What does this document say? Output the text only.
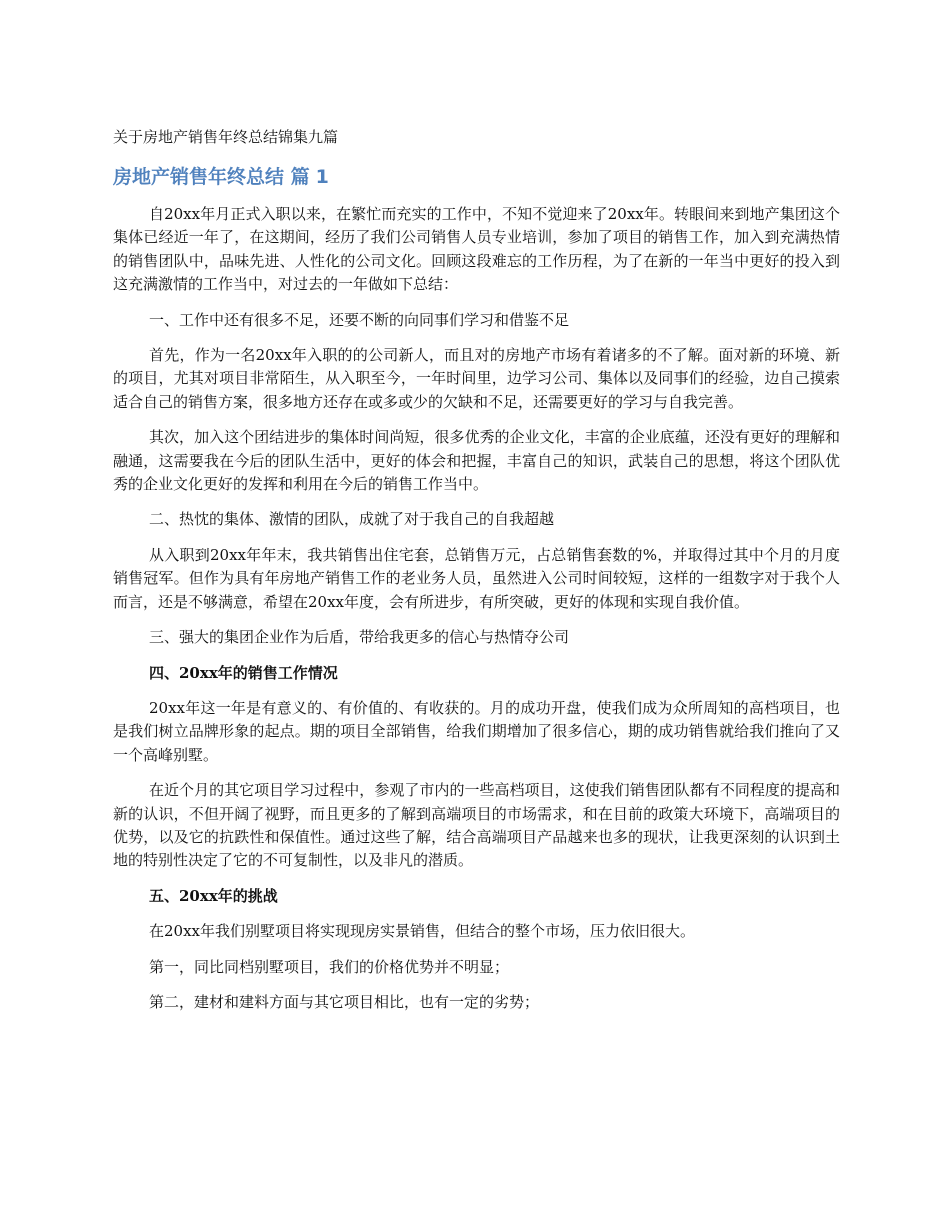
关于房地产销售年终总结锦集九篇
房地产销售年终总结 篇 1

自20xx年月正式入职以来，在繁忙而充实的工作中，不知不觉迎来了20xx年。转眼间来到地产集团这个集体已经近一年了，在这期间，经历了我们公司销售人员专业培训，参加了项目的销售工作，加入到充满热情的销售团队中，品味先进、人性化的公司文化。回顾这段难忘的工作历程，为了在新的一年当中更好的投入到这充满激情的工作当中，对过去的一年做如下总结：

一、工作中还有很多不足，还要不断的向同事们学习和借鉴不足

首先，作为一名20xx年入职的的公司新人，而且对的房地产市场有着诸多的不了解。面对新的环境、新的项目，尤其对项目非常陌生，从入职至今，一年时间里，边学习公司、集体以及同事们的经验，边自己摸索适合自己的销售方案，很多地方还存在或多或少的欠缺和不足，还需要更好的学习与自我完善。

其次，加入这个团结进步的集体时间尚短，很多优秀的企业文化，丰富的企业底蕴，还没有更好的理解和融通，这需要我在今后的团队生活中，更好的体会和把握，丰富自己的知识，武装自己的思想，将这个团队优秀的企业文化更好的发挥和利用在今后的销售工作当中。

二、热忱的集体、激情的团队，成就了对于我自己的自我超越

从入职到20xx年年末，我共销售出住宅套，总销售万元，占总销售套数的%，并取得过其中个月的月度销售冠军。但作为具有年房地产销售工作的老业务人员，虽然进入公司时间较短，这样的一组数字对于我个人而言，还是不够满意，希望在20xx年度，会有所进步，有所突破，更好的体现和实现自我价值。

三、强大的集团企业作为后盾，带给我更多的信心与热情夺公司

四、20xx年的销售工作情况

20xx年这一年是有意义的、有价值的、有收获的。月的成功开盘，使我们成为众所周知的高档项目，也是我们树立品牌形象的起点。期的项目全部销售，给我们期增加了很多信心，期的成功销售就给我们推向了又一个高峰别墅。

在近个月的其它项目学习过程中，参观了市内的一些高档项目，这使我们销售团队都有不同程度的提高和新的认识，不但开阔了视野，而且更多的了解到高端项目的市场需求，和在目前的政策大环境下，高端项目的优势，以及它的抗跌性和保值性。通过这些了解，结合高端项目产品越来也多的现状，让我更深刻的认识到土地的特别性决定了它的不可复制性，以及非凡的潜质。

五、20xx年的挑战

在20xx年我们别墅项目将实现现房实景销售，但结合的整个市场，压力依旧很大。

第一，同比同档别墅项目，我们的价格优势并不明显；

第二，建材和建料方面与其它项目相比，也有一定的劣势；
